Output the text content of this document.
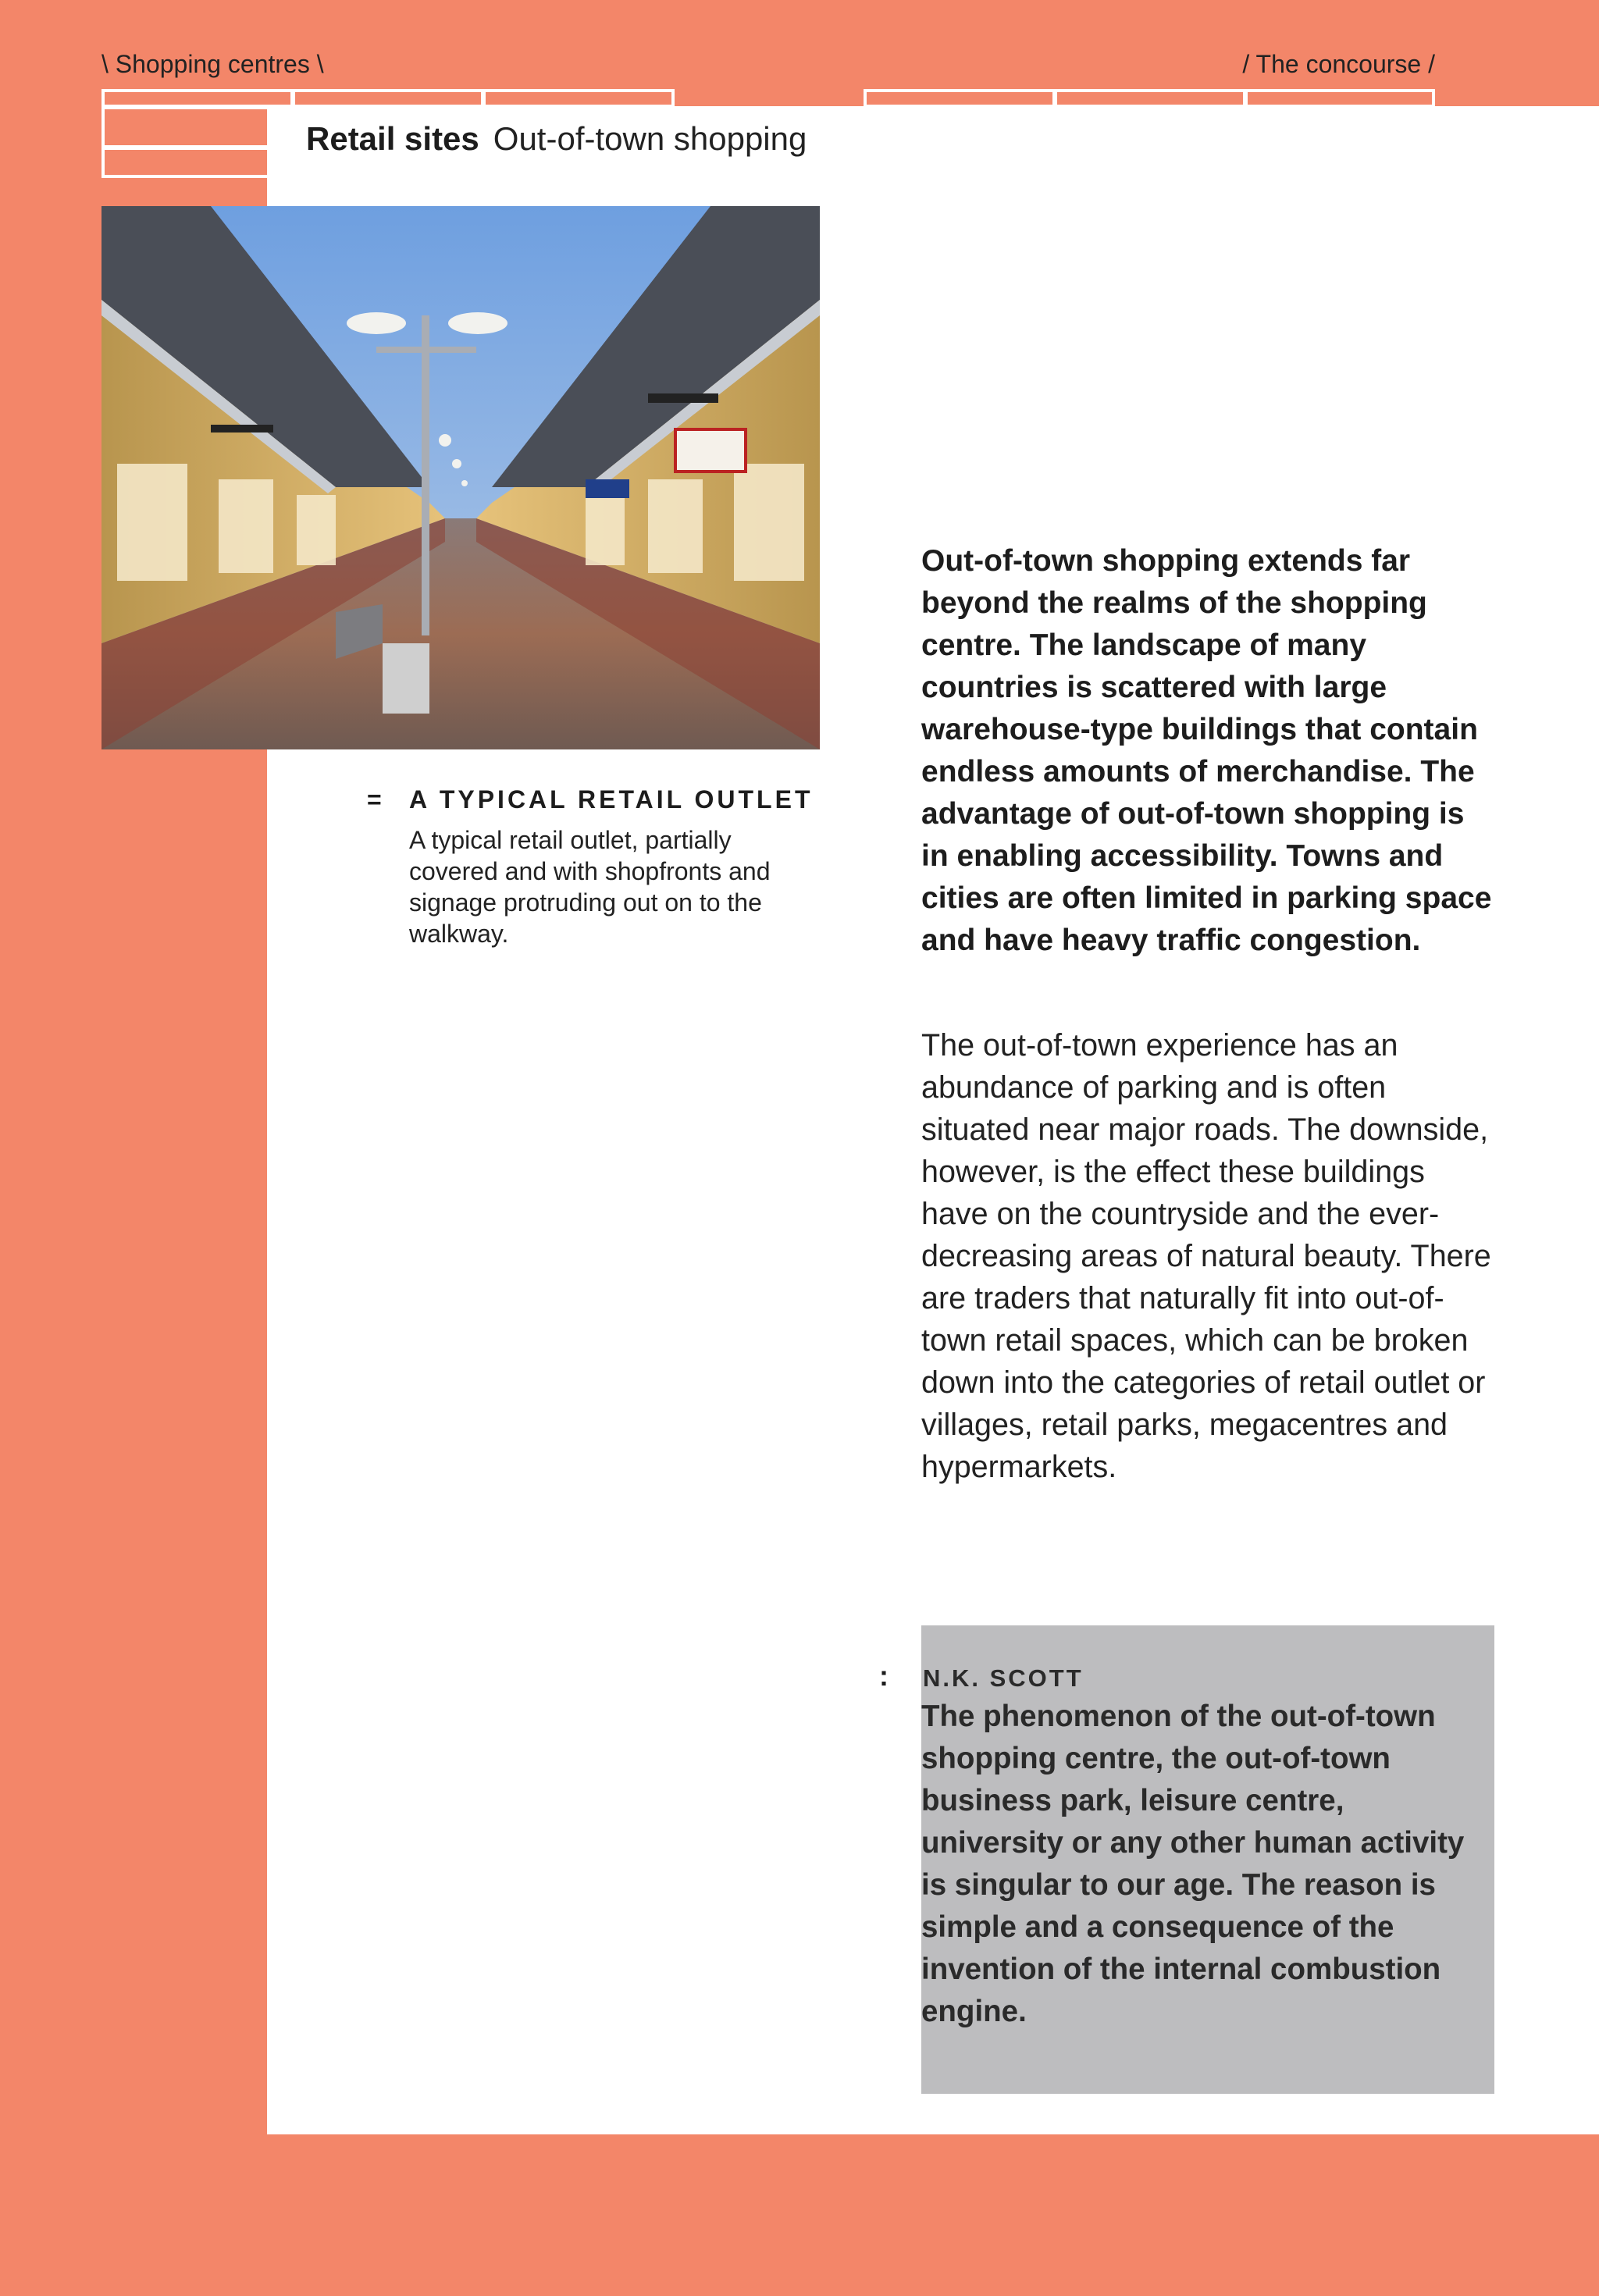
\ Shopping centres \	/ The concourse /
Retail sites Out-of-town shopping
= A TYPICAL RETAIL OUTLET
A typical retail outlet, partially covered and with shopfronts and signage protruding out on to the walkway.
Out-of-town shopping extends far beyond the realms of the shopping centre. The landscape of many countries is scattered with large warehouse-type buildings that contain endless amounts of merchandise. The advantage of out-of-town shopping is in enabling accessibility. Towns and cities are often limited in parking space and have heavy traffic congestion.
The out-of-town experience has an abundance of parking and is often situated near major roads. The downside, however, is the effect these buildings have on the countryside and the ever-decreasing areas of natural beauty. There are traders that naturally fit into out-of-town retail spaces, which can be broken down into the categories of retail outlet or villages, retail parks, megacentres and hypermarkets.
: N.K. SCOTT
The phenomenon of the out-of-town shopping centre, the out-of-town business park, leisure centre, university or any other human activity is singular to our age. The reason is simple and a consequence of the invention of the internal combustion engine.
